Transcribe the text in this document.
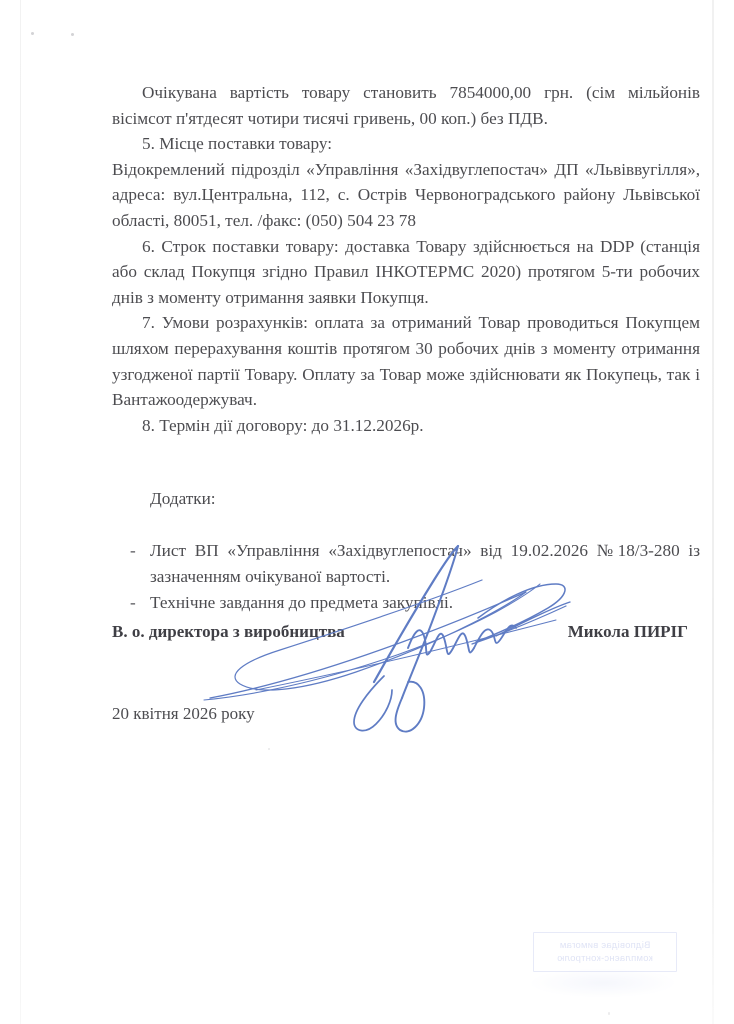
Очікувана вартість товару становить 7854000,00 грн. (сім мільйонів вісімсот п'ятдесят чотири тисячі гривень, 00 коп.) без ПДВ.

5. Місце поставки товару:

Відокремлений підрозділ «Управління «Західвуглепостач» ДП «Львіввугілля», адреса: вул.Центральна, 112, с. Острів Червоноградського району Львівської області, 80051, тел. /факс: (050) 504 23 78

6. Строк поставки товару: доставка Товару здійснюється на DDP (станція або склад Покупця згідно Правил ІНКОТЕРМС 2020) протягом 5-ти робочих днів з моменту отримання заявки Покупця.

7. Умови розрахунків: оплата за отриманий Товар проводиться Покупцем шляхом перерахування коштів протягом 30 робочих днів з моменту отримання узгодженої партії Товару. Оплату за Товар може здійснювати як Покупець, так і Вантажоодержувач.

8. Термін дії договору: до 31.12.2026р.

Додатки:

- Лист ВП «Управління «Західвуглепостач» від 19.02.2026 №18/3-280 із зазначенням очікуваної вартості.
- Технічне завдання до предмета закупівлі.
В. о. директора з виробництва	Микола ПИРІГ
20 квітня 2026 року
Відповідає вимогам
комплаєнс-контролю
